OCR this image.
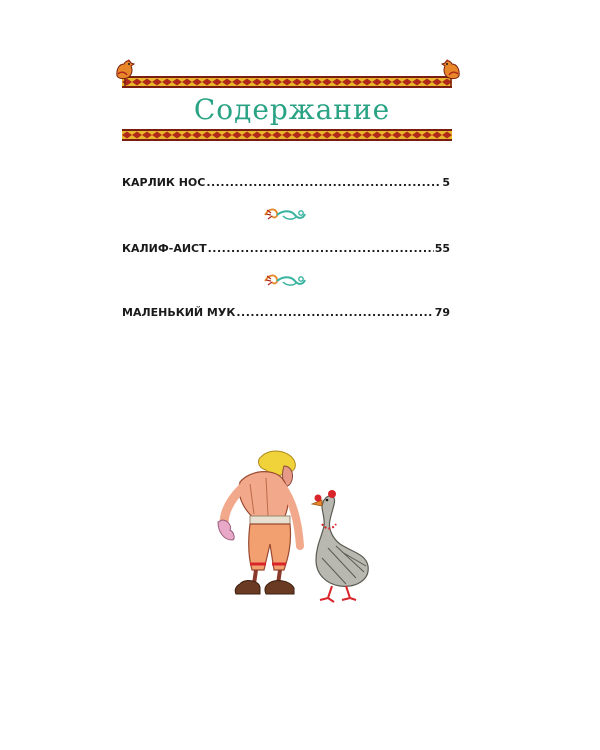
Содержание
КАРЛИК НОС .....	5
КАЛИФ-АИСТ .....	55
МАЛЕНЬКИЙ МУК .....	79
